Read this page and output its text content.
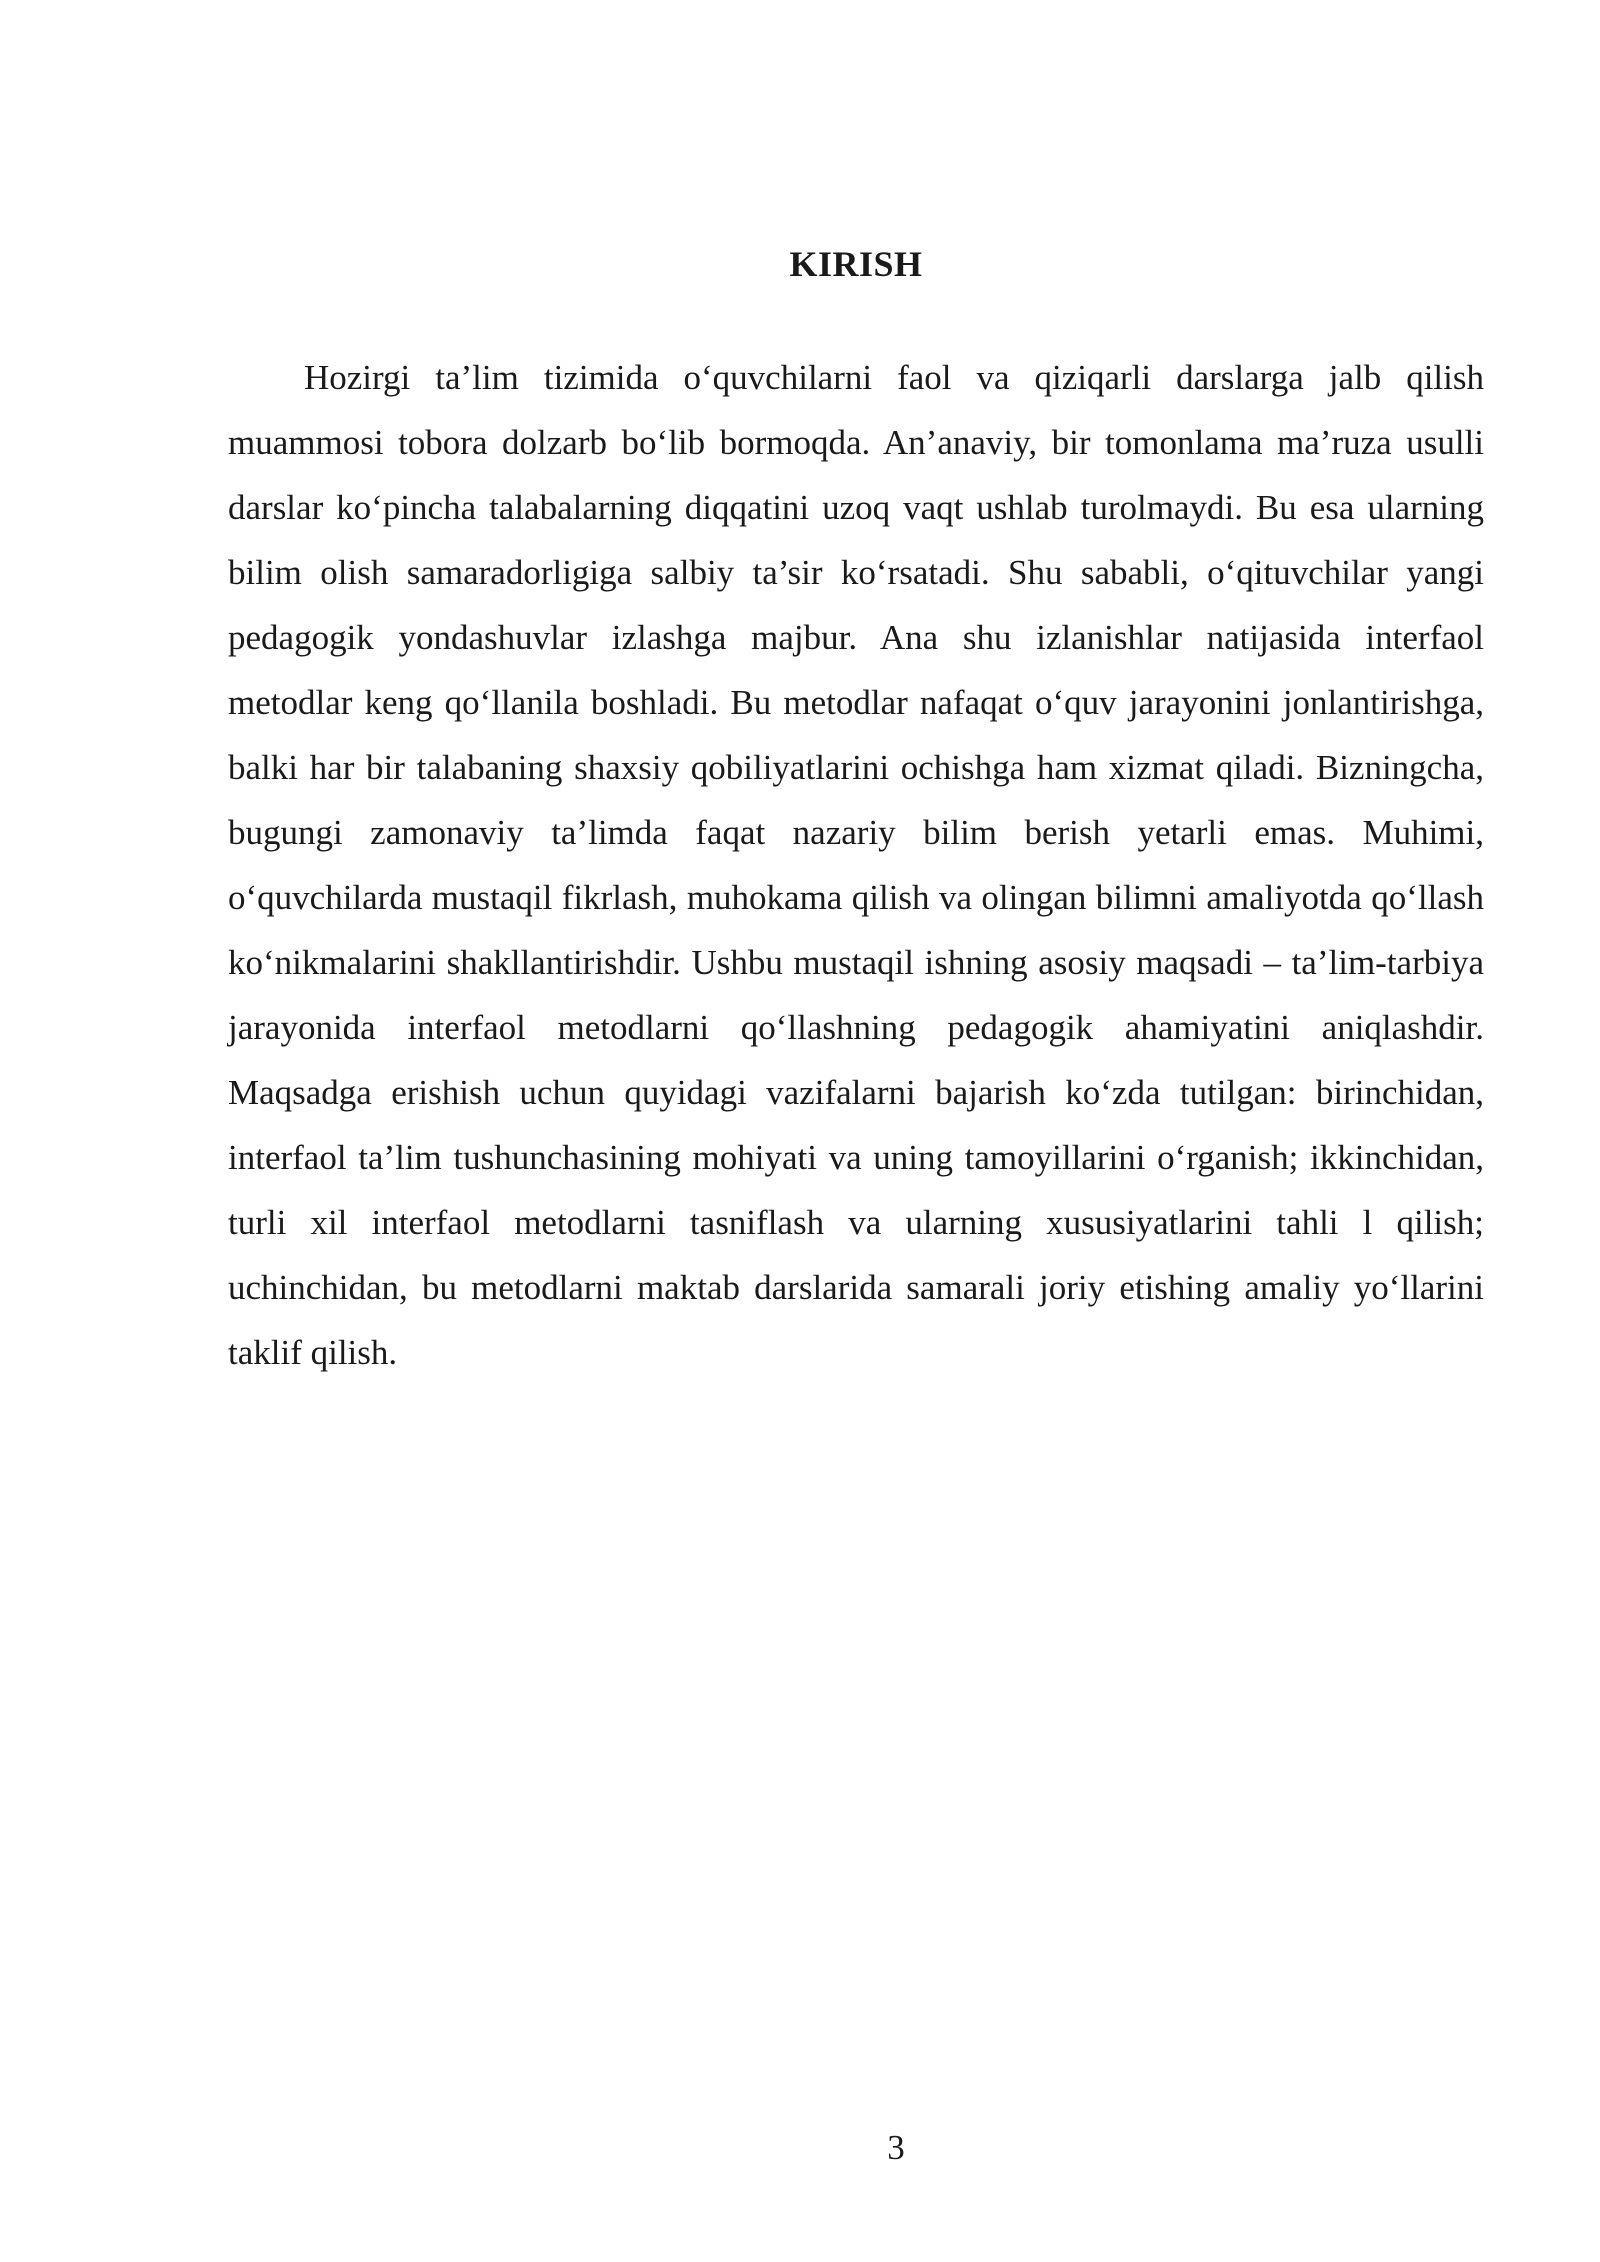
KIRISH

Hozirgi ta’lim tizimida o‘quvchilarni faol va qiziqarli darslarga jalb qilish muammosi tobora dolzarb bo‘lib bormoqda. An’anaviy, bir tomonlama ma’ruza usulli darslar ko‘pincha talabalarning diqqatini uzoq vaqt ushlab turolmaydi. Bu esa ularning bilim olish samaradorligiga salbiy ta’sir ko‘rsatadi. Shu sababli, o‘qituvchilar yangi pedagogik yondashuvlar izlashga majbur. Ana shu izlanishlar natijasida interfaol metodlar keng qo‘llanila boshladi. Bu metodlar nafaqat o‘quv jarayonini jonlantirishga, balki har bir talabaning shaxsiy qobiliyatlarini ochishga ham xizmat qiladi. Bizningcha, bugungi zamonaviy ta’limda faqat nazariy bilim berish yetarli emas. Muhimi, o‘quvchilarda mustaqil fikrlash, muhokama qilish va olingan bilimni amaliyotda qo‘llash ko‘nikmalarini shakllantirishdir. Ushbu mustaqil ishning asosiy maqsadi – ta’lim-tarbiya jarayonida interfaol metodlarni qo‘llashning pedagogik ahamiyatini aniqlashdir. Maqsadga erishish uchun quyidagi vazifalarni bajarish ko‘zda tutilgan: birinchidan, interfaol ta’lim tushunchasining mohiyati va uning tamoyillarini o‘rganish; ikkinchidan, turli xil interfaol metodlarni tasniflash va ularning xususiyatlarini tahli l qilish; uchinchidan, bu metodlarni maktab darslarida samarali joriy etishing amaliy yo‘llarini taklif qilish.

3
